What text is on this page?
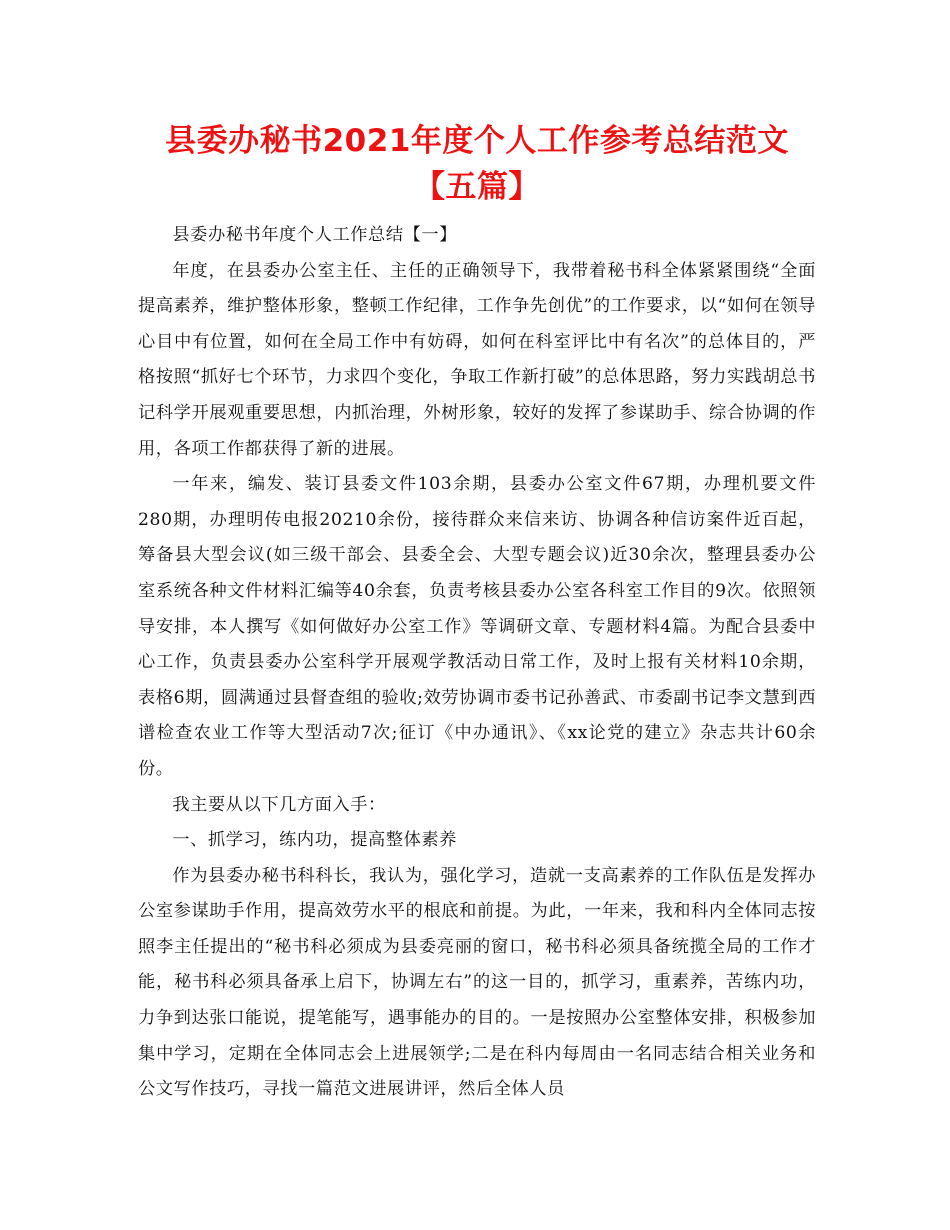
县委办秘书2021年度个人工作参考总结范文
【五篇】

县委办秘书年度个人工作总结【一】

年度，在县委办公室主任、主任的正确领导下，我带着秘书科全体紧紧围绕“全面提高素养，维护整体形象，整顿工作纪律，工作争先创优”的工作要求，以“如何在领导心目中有位置，如何在全局工作中有妨碍，如何在科室评比中有名次”的总体目的，严格按照“抓好七个环节，力求四个变化，争取工作新打破”的总体思路，努力实践胡总书记科学开展观重要思想，内抓治理，外树形象，较好的发挥了参谋助手、综合协调的作用，各项工作都获得了新的进展。

一年来，编发、装订县委文件103余期，县委办公室文件67期，办理机要文件280期，办理明传电报20210余份，接待群众来信来访、协调各种信访案件近百起，筹备县大型会议(如三级干部会、县委全会、大型专题会议)近30余次，整理县委办公室系统各种文件材料汇编等40余套，负责考核县委办公室各科室工作目的9次。依照领导安排，本人撰写《如何做好办公室工作》等调研文章、专题材料4篇。为配合县委中心工作，负责县委办公室科学开展观学教活动日常工作，及时上报有关材料10余期，表格6期，圆满通过县督查组的验收;效劳协调市委书记孙善武、市委副书记李文慧到西谱检查农业工作等大型活动7次;征订《中办通讯》、《xx论党的建立》杂志共计60余份。

我主要从以下几方面入手：

一、抓学习，练内功，提高整体素养

作为县委办秘书科科长，我认为，强化学习，造就一支高素养的工作队伍是发挥办公室参谋助手作用，提高效劳水平的根底和前提。为此，一年来，我和科内全体同志按照李主任提出的“秘书科必须成为县委亮丽的窗口，秘书科必须具备统揽全局的工作才能，秘书科必须具备承上启下，协调左右”的这一目的，抓学习，重素养，苦练内功，力争到达张口能说，提笔能写，遇事能办的目的。一是按照办公室整体安排，积极参加集中学习，定期在全体同志会上进展领学;二是在科内每周由一名同志结合相关业务和公文写作技巧，寻找一篇范文进展讲评，然后全体人员
